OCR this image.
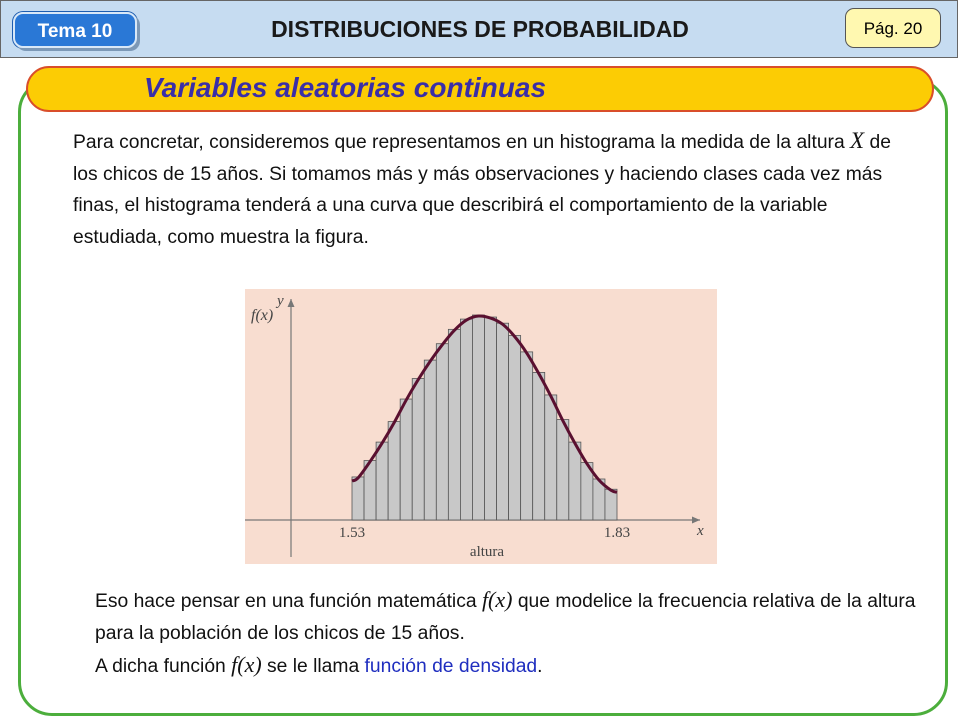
Tema 10	DISTRIBUCIONES DE PROBABILIDAD	Pág. 20
Variables aleatorias continuas
Para concretar, consideremos que representamos en un histograma la medida de la altura X de los chicos de 15 años. Si tomamos más y más observaciones y haciendo clases cada vez más finas, el histograma tenderá a una curva que describirá el comportamiento de la variable estudiada, como muestra la figura.
f(x)
y
x
1.53	1.83
altura
Eso hace pensar en una función matemática f(x) que modelice la frecuencia relativa de la altura para la población de los chicos de 15 años.
A dicha función f(x) se le llama función de densidad.
